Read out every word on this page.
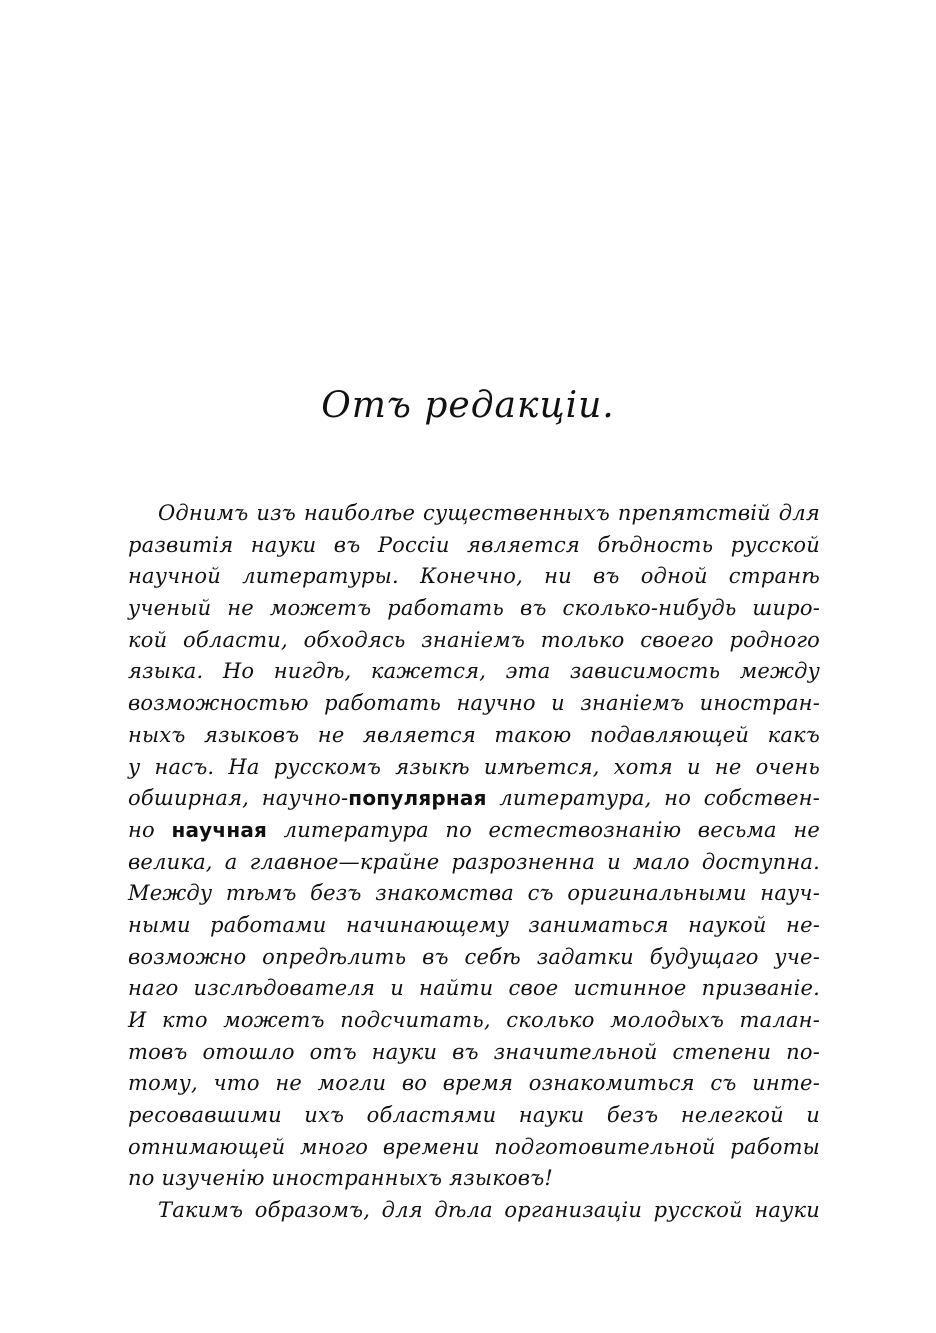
Отъ редакціи.
Однимъ изъ наиболѣе существенныхъ препятствій для
развитія науки въ Россіи является бѣдность русской
научной литературы. Конечно, ни въ одной странѣ
ученый не можетъ работать въ сколько-нибудь широ-
кой области, обходясь знаніемъ только своего родного
языка. Но нигдѣ, кажется, эта зависимость между
возможностью работать научно и знаніемъ иностран-
ныхъ языковъ не является такою подавляющей какъ
у насъ. На русскомъ языкѣ имѣется, хотя и не очень
обширная, научно-популярная литература, но собствен-
но научная литература по естествознанію весьма не
велика, а главное—крайне разрозненна и мало доступна.
Между тѣмъ безъ знакомства съ оригинальными науч-
ными работами начинающему заниматься наукой не-
возможно опредѣлить въ себѣ задатки будущаго уче-
наго изслѣдователя и найти свое истинное призваніе.
И кто можетъ подсчитать, сколько молодыхъ талан-
товъ отошло отъ науки въ значительной степени по-
тому, что не могли во время ознакомиться съ инте-
ресовавшими ихъ областями науки безъ нелегкой и
отнимающей много времени подготовительной работы
по изученію иностранныхъ языковъ!
Такимъ образомъ, для дѣла организаціи русской науки
